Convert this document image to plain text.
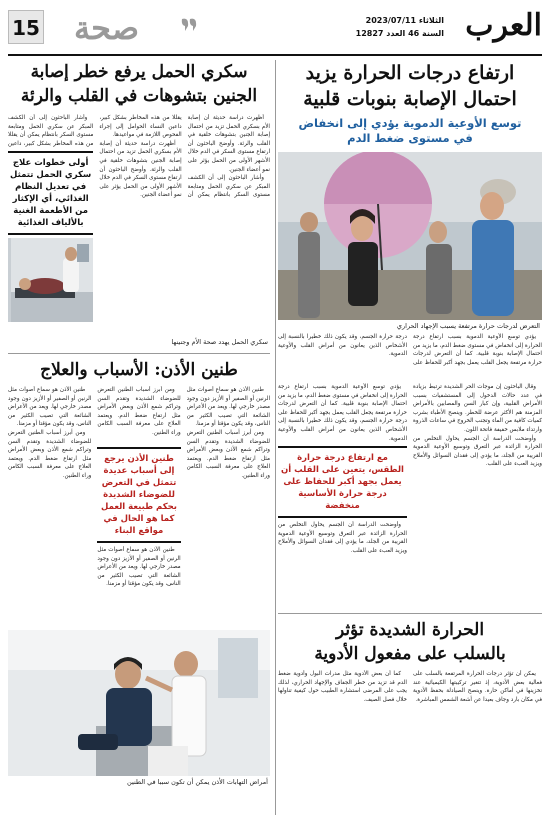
العرب
الثلاثاء 2023/07/11
السنة 46 العدد 12827
صحة
15
ارتفاع درجات الحرارة يزيد
احتمال الإصابة بنوبات قلبية
توسع الأوعية الدموية يؤدي إلى انخفاض
في مستوى ضغط الدم
التعرض لدرجات حرارة مرتفعة يسبب الإجهاد الحراري

يؤدي توسع الأوعية الدموية بسبب ارتفاع درجة الحرارة إلى انخفاض في مستوى ضغط الدم، ما يزيد من احتمال الإصابة بنوبة قلبية. كما أن التعرض لدرجات حرارة مرتفعة يجعل القلب يعمل بجهد أكبر للحفاظ على درجة حرارة الجسم، وقد يكون ذلك خطيرا بالنسبة إلى الأشخاص الذين يعانون من أمراض القلب والأوعية الدموية.

وقال الباحثون إن موجات الحر الشديدة ترتبط بزيادة في عدد حالات الدخول إلى المستشفيات بسبب الأمراض القلبية، وإن كبار السن والمصابين بالأمراض المزمنة هم الأكثر عرضة للخطر. وينصح الأطباء بشرب كميات كافية من الماء وتجنب الخروج في ساعات الذروة وارتداء ملابس خفيفة فاتحة اللون.

وأوضحت الدراسة أن الجسم يحاول التخلص من الحرارة الزائدة عبر التعرق وتوسيع الأوعية الدموية القريبة من الجلد، ما يؤدي إلى فقدان السوائل والأملاح ويزيد العبء على القلب.

يؤدي توسع الأوعية الدموية بسبب ارتفاع درجة الحرارة إلى انخفاض في مستوى ضغط الدم، ما يزيد من احتمال الإصابة بنوبة قلبية. كما أن التعرض لدرجات حرارة مرتفعة يجعل القلب يعمل بجهد أكبر للحفاظ على درجة حرارة الجسم، وقد يكون ذلك خطيرا بالنسبة إلى الأشخاص الذين يعانون من أمراض القلب والأوعية الدموية.

مع ارتفاع درجة حرارة الطقس، يتعين على القلب أن يعمل بجهد أكبر للحفاظ على درجة حرارة الأساسية منخفضة

وأوضحت الدراسة أن الجسم يحاول التخلص من الحرارة الزائدة عبر التعرق وتوسيع الأوعية الدموية القريبة من الجلد، ما يؤدي إلى فقدان السوائل والأملاح ويزيد العبء على القلب.

الحرارة الشديدة تؤثر
بالسلب على مفعول الأدوية

يمكن أن تؤثر درجات الحرارة المرتفعة بالسلب على فعالية بعض الأدوية، إذ تتغير تركيبتها الكيميائية عند تخزينها في أماكن حارة. وينصح الصيادلة بحفظ الأدوية في مكان بارد وجاف بعيدا عن أشعة الشمس المباشرة.

كما أن بعض الأدوية مثل مدرات البول وأدوية ضغط الدم قد تزيد من خطر الجفاف والإجهاد الحراري، لذلك يجب على المرضى استشارة الطبيب حول كيفية تناولها خلال فصل الصيف.

سكري الحمل يرفع خطر إصابة
الجنين بتشوهات في القلب والرئة

أظهرت دراسة حديثة أن إصابة الأم بسكري الحمل تزيد من احتمال إصابة الجنين بتشوهات خلقية في القلب والرئة. وأوضح الباحثون أن ارتفاع مستوى السكر في الدم خلال الأشهر الأولى من الحمل يؤثر على نمو أعضاء الجنين.

وأشار الباحثون إلى أن الكشف المبكر عن سكري الحمل ومتابعة مستوى السكر بانتظام يمكن أن يقللا من هذه المخاطر بشكل كبير، داعين النساء الحوامل إلى إجراء الفحوص اللازمة في مواعيدها.

أظهرت دراسة حديثة أن إصابة الأم بسكري الحمل تزيد من احتمال إصابة الجنين بتشوهات خلقية في القلب والرئة. وأوضح الباحثون أن ارتفاع مستوى السكر في الدم خلال الأشهر الأولى من الحمل يؤثر على نمو أعضاء الجنين.

وأشار الباحثون إلى أن الكشف المبكر عن سكري الحمل ومتابعة مستوى السكر بانتظام يمكن أن يقللا من هذه المخاطر بشكل كبير، داعين

أولى خطوات علاج سكري الحمل تتمثل في تعديل النظام الغذائي، أي الإكثار من الأطعمة الغنية بالألياف الغذائية
سكري الحمل يهدد صحة الأم وجنينها
طنين الأذن: الأسباب والعلاج

طنين الأذن هو سماع أصوات مثل الرنين أو الصفير أو الأزيز دون وجود مصدر خارجي لها. ويعد من الأعراض الشائعة التي تصيب الكثير من الناس، وقد يكون مؤقتا أو مزمنا.

ومن أبرز أسباب الطنين التعرض للضوضاء الشديدة وتقدم السن وتراكم شمع الأذن وبعض الأمراض مثل ارتفاع ضغط الدم. ويعتمد العلاج على معرفة السبب الكامن وراء الطنين.

ومن أبرز أسباب الطنين التعرض للضوضاء الشديدة وتقدم السن وتراكم شمع الأذن وبعض الأمراض مثل ارتفاع ضغط الدم. ويعتمد العلاج على معرفة السبب الكامن وراء الطنين.

طنين الأذن يرجع إلى أسباب عديدة تتمثل في التعرض للضوضاء الشديدة بحكم طبيعة العمل كما هو الحال في مواقع البناء

طنين الأذن هو سماع أصوات مثل الرنين أو الصفير أو الأزيز دون وجود مصدر خارجي لها. ويعد من الأعراض الشائعة التي تصيب الكثير من الناس، وقد يكون مؤقتا أو مزمنا.

طنين الأذن هو سماع أصوات مثل الرنين أو الصفير أو الأزيز دون وجود مصدر خارجي لها. ويعد من الأعراض الشائعة التي تصيب الكثير من الناس، وقد يكون مؤقتا أو مزمنا.

ومن أبرز أسباب الطنين التعرض للضوضاء الشديدة وتقدم السن وتراكم شمع الأذن وبعض الأمراض مثل ارتفاع ضغط الدم. ويعتمد العلاج على معرفة السبب الكامن وراء الطنين.

أمراض التهابات الأذن يمكن أن تكون سببا في الطنين
